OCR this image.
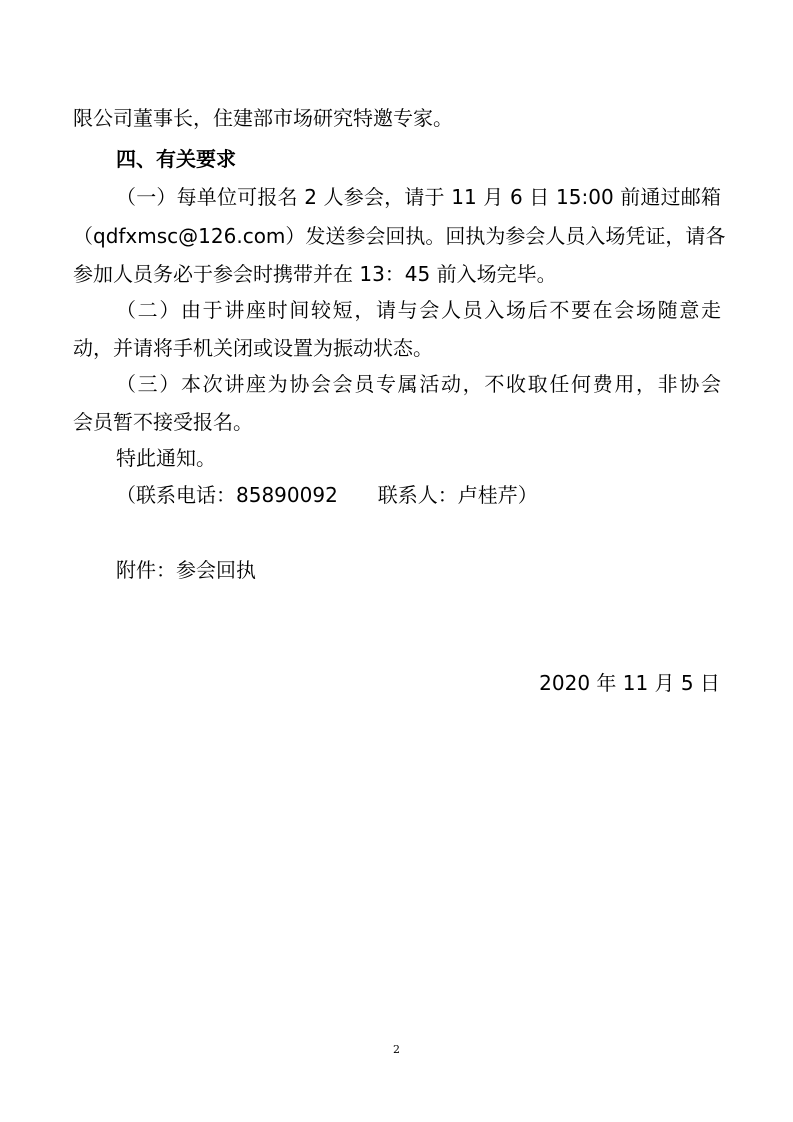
限公司董事长，住建部市场研究特邀专家。
四、有关要求
（一）每单位可报名 2 人参会，请于 11 月 6 日 15:00 前通过邮箱
（qdfxmsc@126.com）发送参会回执。回执为参会人员入场凭证，请各
参加人员务必于参会时携带并在 13：45 前入场完毕。
（二）由于讲座时间较短，请与会人员入场后不要在会场随意走
动，并请将手机关闭或设置为振动状态。
（三）本次讲座为协会会员专属活动，不收取任何费用，非协会
会员暂不接受报名。
特此通知。
（联系电话：85890092　　联系人：卢桂芹）
附件：参会回执
2020 年 11 月 5 日
2
